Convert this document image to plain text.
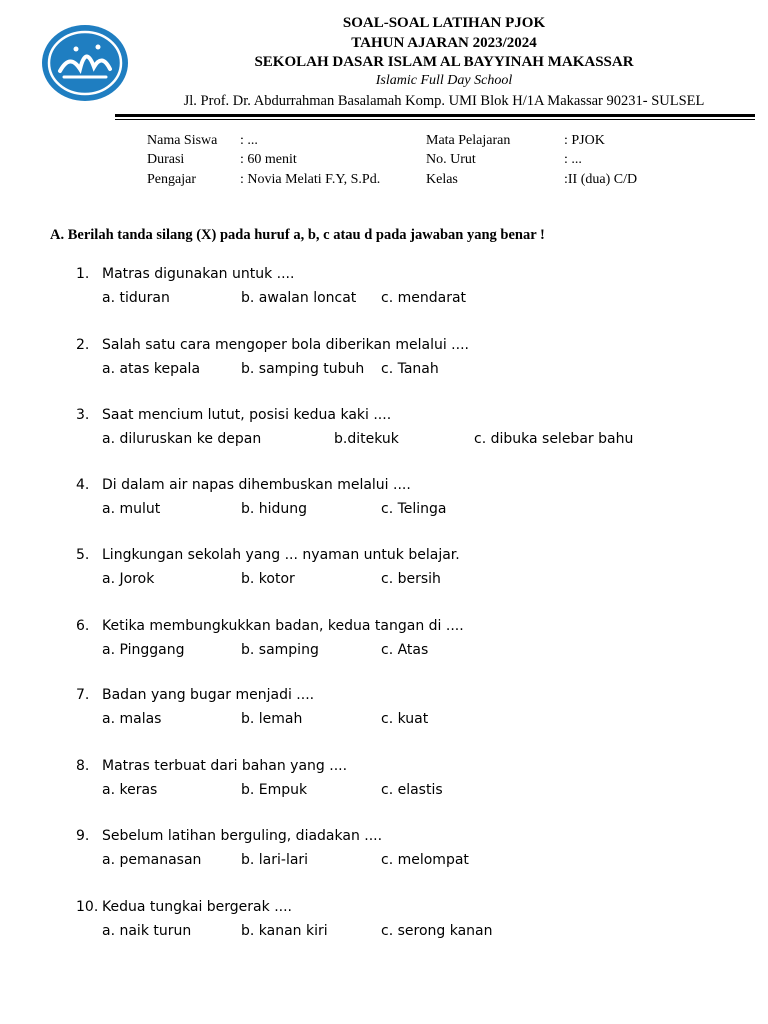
SOAL-SOAL LATIHAN PJOK
TAHUN AJARAN 2023/2024
SEKOLAH DASAR ISLAM AL BAYYINAH MAKASSAR
Islamic Full Day School
Jl. Prof. Dr. Abdurrahman Basalamah Komp. UMI Blok H/1A Makassar 90231- SULSEL
Nama Siswa : ...
Durasi	: 60 menit
Pengajar	: Novia Melati F.Y, S.Pd.
Mata Pelajaran	: PJOK
No. Urut	: ...
Kelas	:II (dua) C/D
A. Berilah tanda silang (X) pada huruf a, b, c atau d pada jawaban yang benar !
1. Matras digunakan untuk ....
a. tiduran	b. awalan loncat c. mendarat
2. Salah satu cara mengoper bola diberikan melalui ....
a. atas kepala	b. samping tubuh c. Tanah
3. Saat mencium lutut, posisi kedua kaki ....
a. diluruskan ke depan	b.ditekuk	c. dibuka selebar bahu
4. Di dalam air napas dihembuskan melalui ....
a. mulut	b. hidung	c. Telinga
5. Lingkungan sekolah yang ... nyaman untuk belajar.
a. Jorok	b. kotor	c. bersih
6. Ketika membungkukkan badan, kedua tangan di ....
a. Pinggang	b. samping	c. Atas
7. Badan yang bugar menjadi ....
a. malas	b. lemah	c. kuat
8. Matras terbuat dari bahan yang ....
a. keras	b. Empuk	c. elastis
9. Sebelum latihan berguling, diadakan ....
a. pemanasan	b. lari-lari	c. melompat
10. Kedua tungkai bergerak ....
a. naik turun	b. kanan kiri	c. serong kanan
